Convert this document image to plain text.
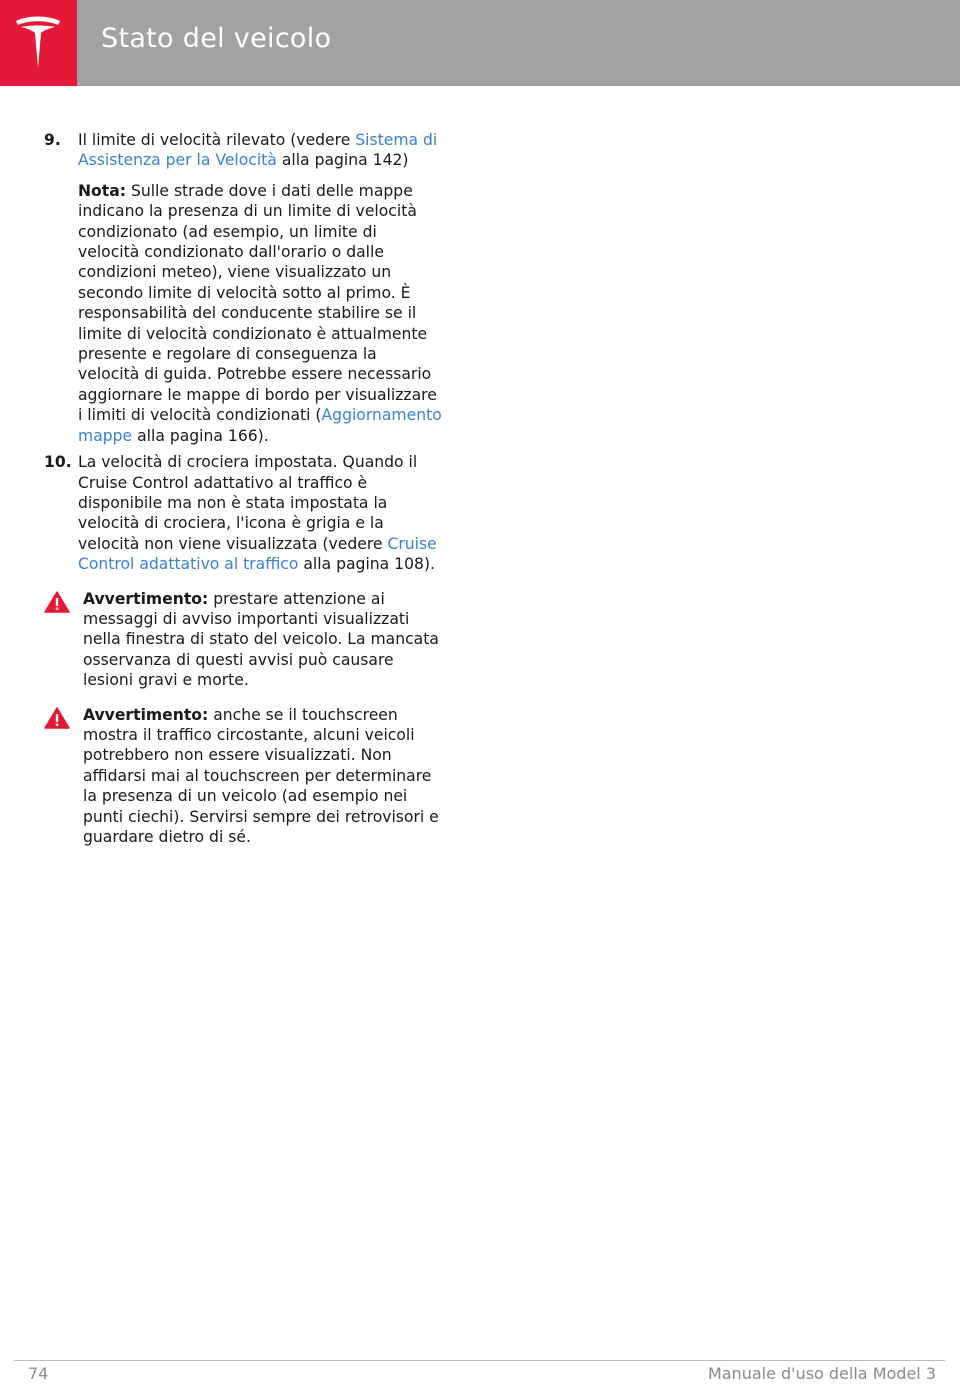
Stato del veicolo
9. Il limite di velocità rilevato (vedere Sistema di Assistenza per la Velocità alla pagina 142)

Nota: Sulle strade dove i dati delle mappe indicano la presenza di un limite di velocità condizionato (ad esempio, un limite di velocità condizionato dall'orario o dalle condizioni meteo), viene visualizzato un secondo limite di velocità sotto al primo. È responsabilità del conducente stabilire se il limite di velocità condizionato è attualmente presente e regolare di conseguenza la velocità di guida. Potrebbe essere necessario aggiornare le mappe di bordo per visualizzare i limiti di velocità condizionati (Aggiornamento mappe alla pagina 166).

10. La velocità di crociera impostata. Quando il Cruise Control adattativo al traffico è disponibile ma non è stata impostata la velocità di crociera, l'icona è grigia e la velocità non viene visualizzata (vedere Cruise Control adattativo al traffico alla pagina 108).

Avvertimento: prestare attenzione ai messaggi di avviso importanti visualizzati nella finestra di stato del veicolo. La mancata osservanza di questi avvisi può causare lesioni gravi e morte.

Avvertimento: anche se il touchscreen mostra il traffico circostante, alcuni veicoli potrebbero non essere visualizzati. Non affidarsi mai al touchscreen per determinare la presenza di un veicolo (ad esempio nei punti ciechi). Servirsi sempre dei retrovisori e guardare dietro di sé.

74	Manuale d'uso della Model 3
